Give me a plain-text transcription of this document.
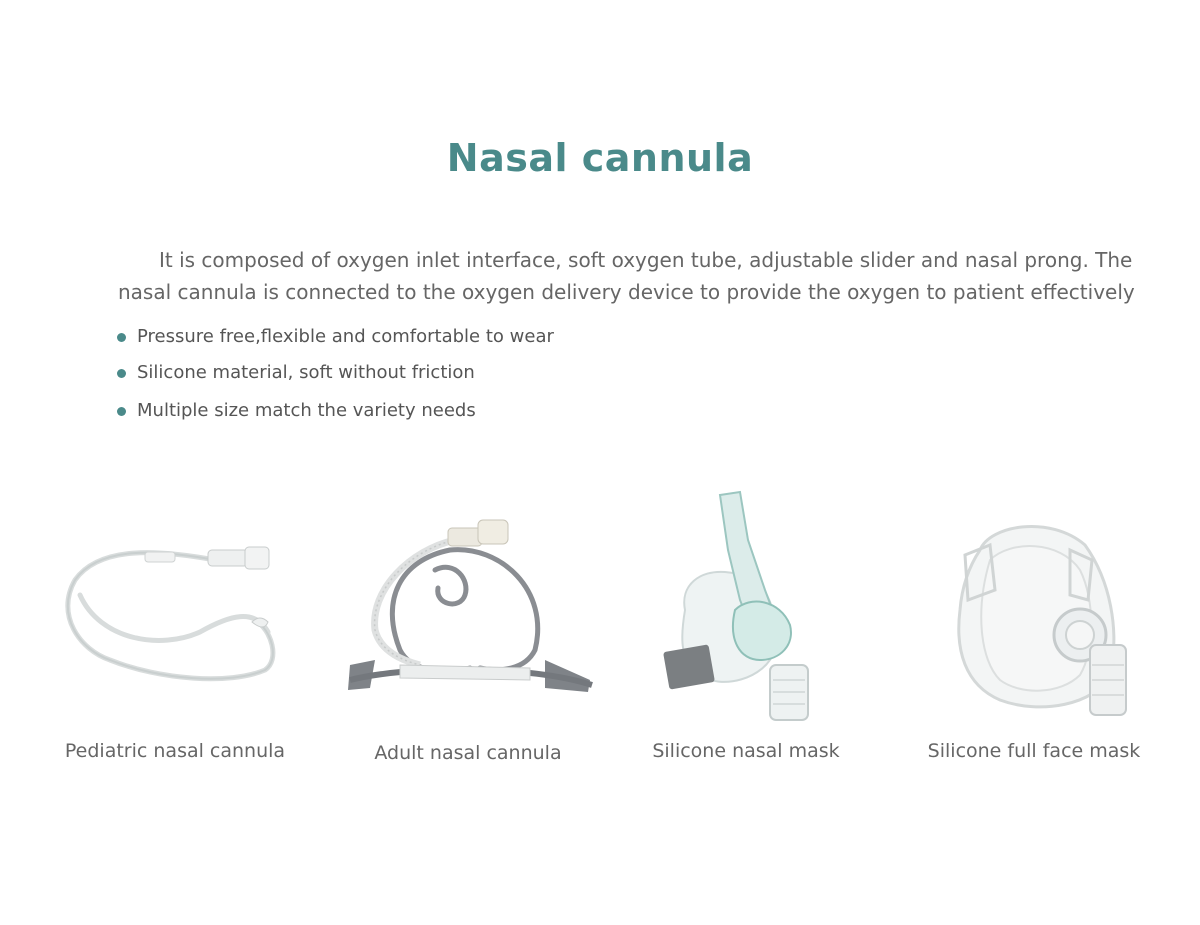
Nasal cannula

It is composed of oxygen inlet interface, soft oxygen tube, adjustable slider and nasal prong. The
nasal cannula is connected to the oxygen delivery device to provide the oxygen to patient effectively

Pressure free,flexible and comfortable to wear
Silicone material, soft without friction
Multiple size match the variety needs
Pediatric nasal cannula	Adult nasal cannula	Silicone nasal mask	Silicone full face mask
